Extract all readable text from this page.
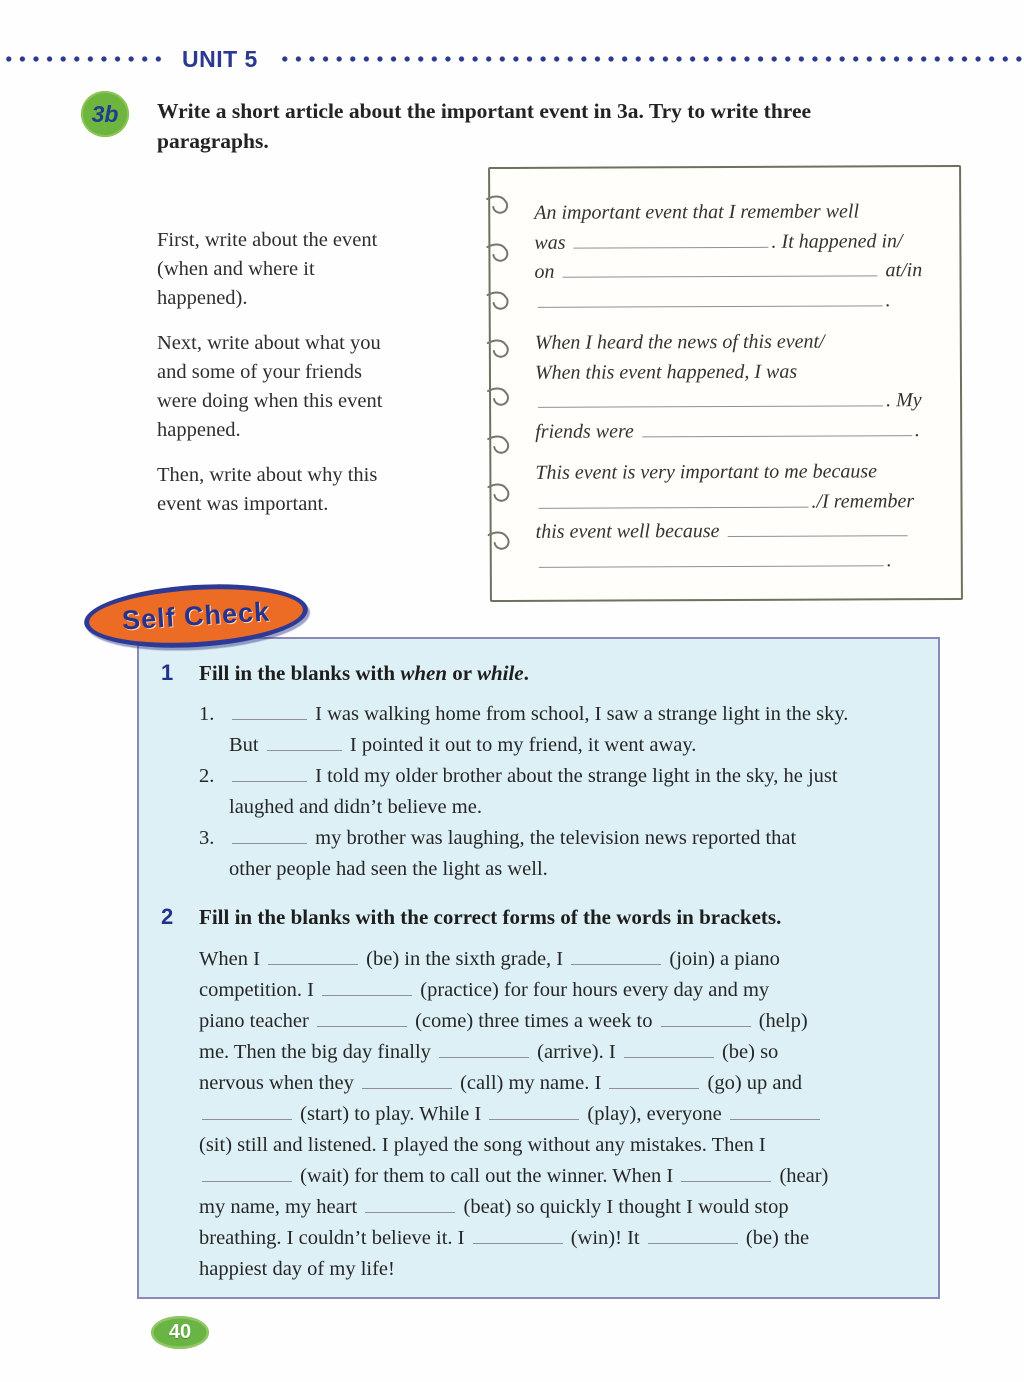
UNIT 5
3b	Write a short article about the important event in 3a. Try to write three
paragraphs.
First, write about the event
(when and where it
happened).
Next, write about what you
and some of your friends
were doing when this event
happened.
Then, write about why this
event was important.
An important event that I remember well
was	. It happened in/
on	at/in
.
When I heard the news of this event/
When this event happened, I was
. My
friends were	.
This event is very important to me because
./I remember
this event well because
.
Self Check
1	Fill in the blanks with when or while.
1.	I was walking home from school, I saw a strange light in the sky.
But	I pointed it out to my friend, it went away.
2.	I told my older brother about the strange light in the sky, he just
laughed and didn’t believe me.
3.	my brother was laughing, the television news reported that
other people had seen the light as well.
2	Fill in the blanks with the correct forms of the words in brackets.
When I	(be) in the sixth grade, I	(join) a piano
competition. I	(practice) for four hours every day and my
piano teacher	(come) three times a week to	(help)
me. Then the big day finally	(arrive). I	(be) so
nervous when they	(call) my name. I	(go) up and
(start) to play. While I	(play), everyone
(sit) still and listened. I played the song without any mistakes. Then I
(wait) for them to call out the winner. When I	(hear)
my name, my heart	(beat) so quickly I thought I would stop
breathing. I couldn’t believe it. I	(win)! It	(be) the
happiest day of my life!
40
